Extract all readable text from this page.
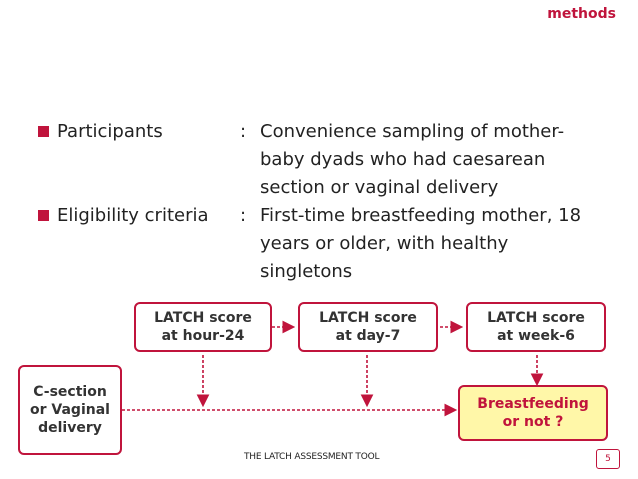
methods
Participants	: Convenience sampling of mother-baby dyads who had caesarean section or vaginal delivery
Eligibility criteria	: First-time breastfeeding mother, 18 years or older, with healthy singletons
LATCH score at hour-24
LATCH score at day-7
LATCH score at week-6
C-section or Vaginal delivery
Breastfeeding or not ?
THE LATCH ASSESSMENT TOOL	5
